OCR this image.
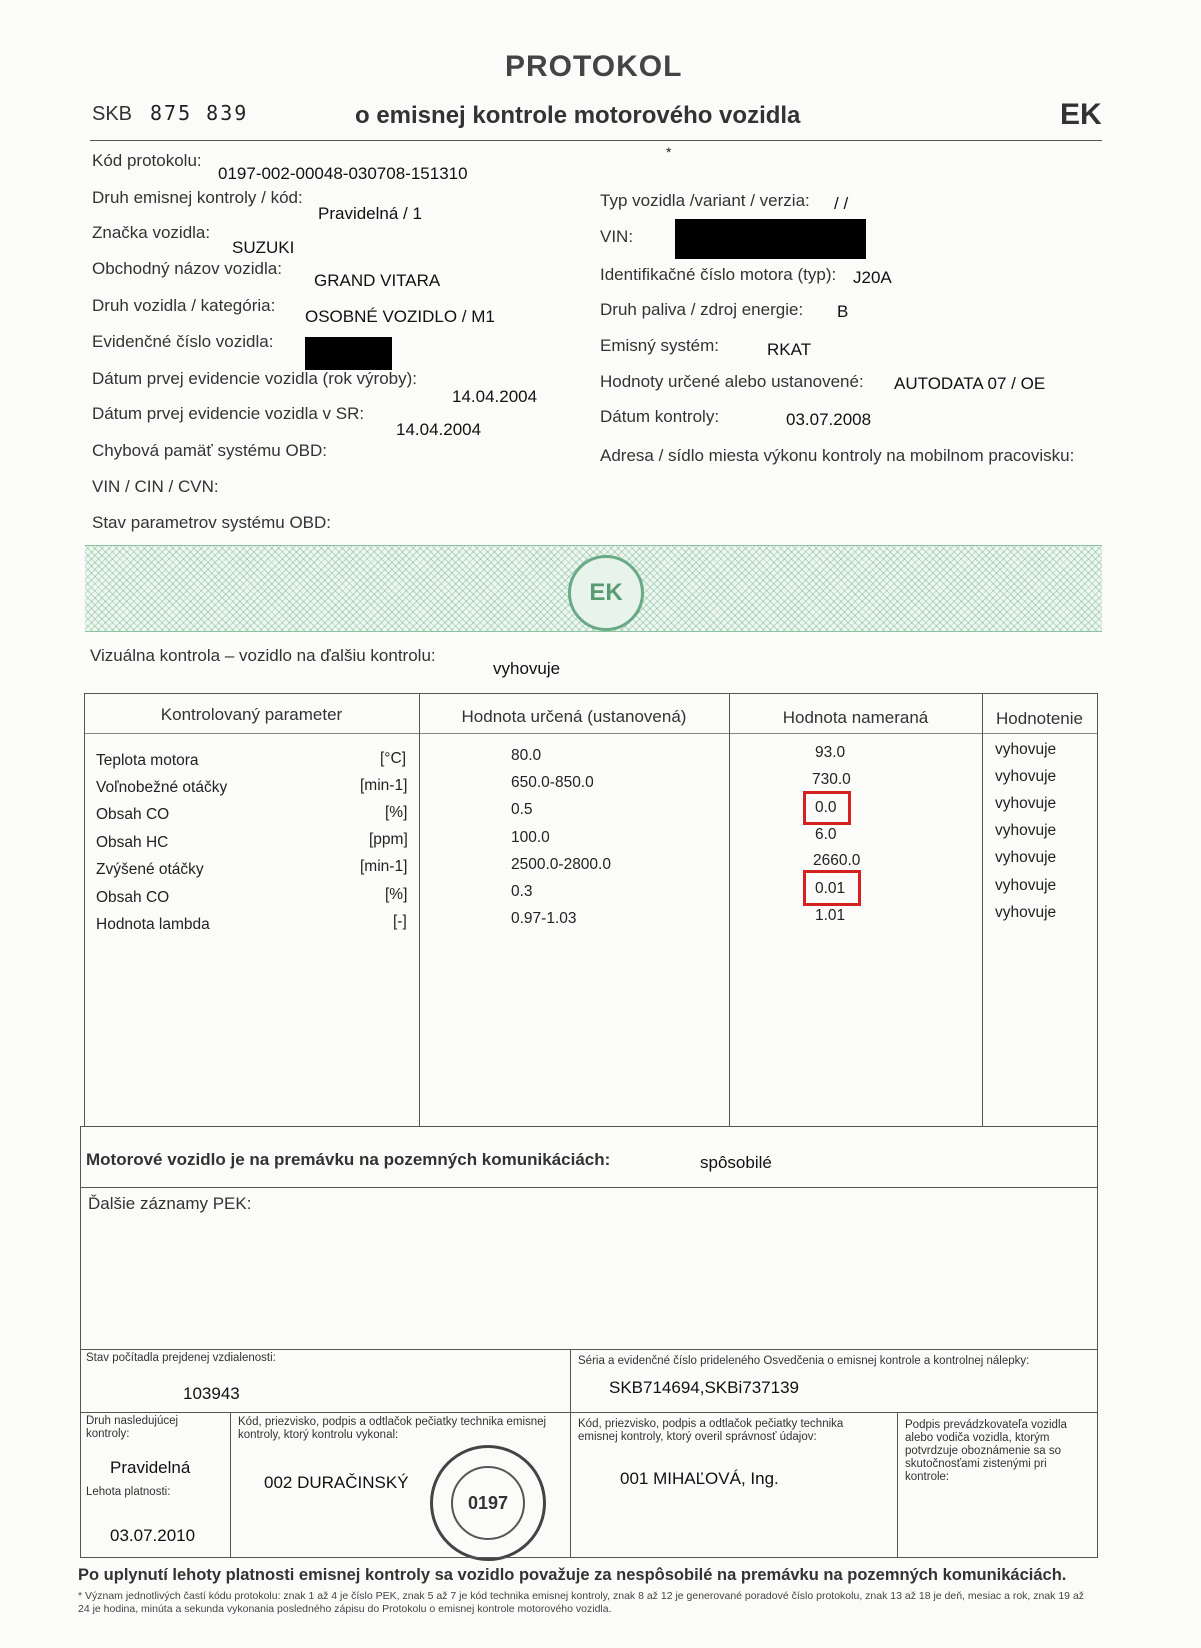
PROTOKOL
SKB 875 839	o emisnej kontrole motorového vozidla	EK
*
Kód protokolu:
0197-002-00048-030708-151310
Druh emisnej kontroly / kód:
Pravidelná / 1
Značka vozidla:
SUZUKI
Obchodný názov vozidla:
GRAND VITARA
Druh vozidla / kategória:
OSOBNÉ VOZIDLO / M1
Evidenčné číslo vozidla:
Dátum prvej evidencie vozidla (rok výroby):
14.04.2004
Dátum prvej evidencie vozidla v SR:
14.04.2004
Chybová pamäť systému OBD:
VIN / CIN / CVN:
Stav parametrov systému OBD:
Typ vozidla /variant / verzia: / /
VIN:
Identifikačné číslo motora (typ): J20A
Druh paliva / zdroj energie: B
Emisný systém:	RKAT
Hodnoty určené alebo ustanovené: AUTODATA 07 / OE
Dátum kontroly:	03.07.2008
Adresa / sídlo miesta výkonu kontroly na mobilnom pracovisku:
EK
Vizuálna kontrola – vozidlo na ďalšiu kontrolu:
vyhovuje
Kontrolovaný parameter	Hodnota určená (ustanovená)	Hodnota nameraná	Hodnotenie
Teplota motora	[°C]	80.0	93.0	vyhovuje
Voľnobežné otáčky	[min-1]	650.0-850.0	730.0	vyhovuje
Obsah CO	[%]	0.5	0.0	vyhovuje
Obsah HC	[ppm]	100.0	6.0	vyhovuje
Zvýšené otáčky	[min-1]	2500.0-2800.0	2660.0	vyhovuje
Obsah CO	[%]	0.3	0.01	vyhovuje
Hodnota lambda	[-]	0.97-1.03	1.01	vyhovuje
Motorové vozidlo je na premávku na pozemných komunikáciách:	spôsobilé
Ďalšie záznamy PEK:
Stav počítadla prejdenej vzdialenosti:
103943
Séria a evidenčné číslo prideleného Osvedčenia o emisnej kontrole a kontrolnej nálepky:
SKB714694,SKBi737139
Druh nasledujúcej kontroly:
Pravidelná
Lehota platnosti:
03.07.2010
Kód, priezvisko, podpis a odtlačok pečiatky technika emisnej kontroly, ktorý kontrolu vykonal:
002 DURAČINSKÝ
Kód, priezvisko, podpis a odtlačok pečiatky technika emisnej kontroly, ktorý overil správnosť údajov:
001 MIHAĽOVÁ, Ing.
Podpis prevádzkovateľa vozidla alebo vodiča vozidla, ktorým potvrdzuje oboznámenie sa so skutočnosťami zistenými pri kontrole:
0197
Po uplynutí lehoty platnosti emisnej kontroly sa vozidlo považuje za nespôsobilé na premávku na pozemných komunikáciách.
* Význam jednotlivých častí kódu protokolu: znak 1 až 4 je číslo PEK, znak 5 až 7 je kód technika emisnej kontroly, znak 8 až 12 je generované poradové číslo protokolu, znak 13 až 18 je deň, mesiac a rok, znak 19 až 24 je hodina, minúta a sekunda vykonania posledného zápisu do Protokolu o emisnej kontrole motorového vozidla.
